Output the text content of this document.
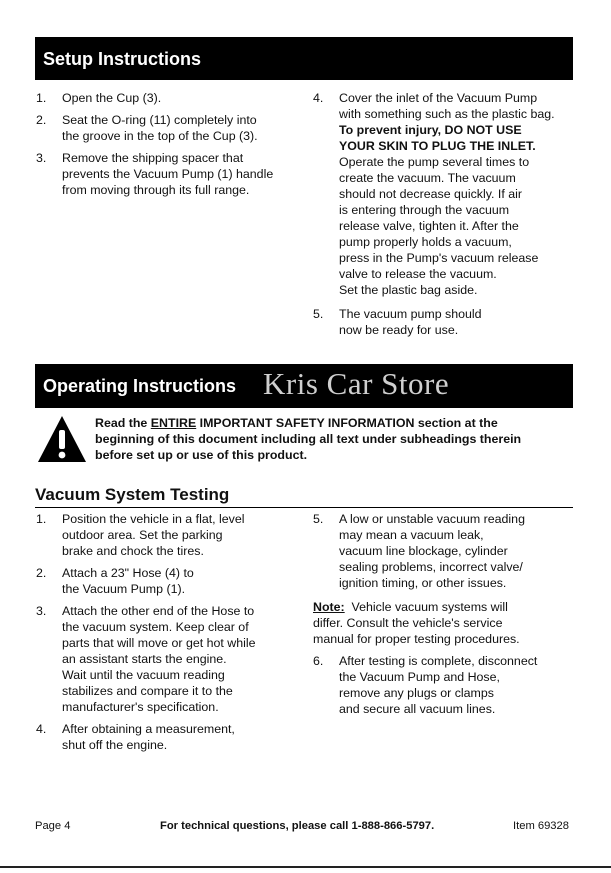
Setup Instructions
1. Open the Cup (3).
2. Seat the O-ring (11) completely into
the groove in the top of the Cup (3).
3. Remove the shipping spacer that
prevents the Vacuum Pump (1) handle
from moving through its full range.
4. Cover the inlet of the Vacuum Pump
with something such as the plastic bag.
To prevent injury, DO NOT USE
YOUR SKIN TO PLUG THE INLET.
Operate the pump several times to
create the vacuum. The vacuum
should not decrease quickly. If air
is entering through the vacuum
release valve, tighten it. After the
pump properly holds a vacuum,
press in the Pump's vacuum release
valve to release the vacuum.
Set the plastic bag aside.
5. The vacuum pump should
now be ready for use.
Operating Instructions Kris Car Store
Read the ENTIRE IMPORTANT SAFETY INFORMATION section at the
beginning of this document including all text under subheadings therein
before set up or use of this product.
Vacuum System Testing
1. Position the vehicle in a flat, level
outdoor area. Set the parking
brake and chock the tires.
2. Attach a 23" Hose (4) to
the Vacuum Pump (1).
3. Attach the other end of the Hose to
the vacuum system. Keep clear of
parts that will move or get hot while
an assistant starts the engine.
Wait until the vacuum reading
stabilizes and compare it to the
manufacturer's specification.
4. After obtaining a measurement,
shut off the engine.
5. A low or unstable vacuum reading
may mean a vacuum leak,
vacuum line blockage, cylinder
sealing problems, incorrect valve/
ignition timing, or other issues.
Note:  Vehicle vacuum systems will
differ. Consult the vehicle's service
manual for proper testing procedures.
6. After testing is complete, disconnect
the Vacuum Pump and Hose,
remove any plugs or clamps
and secure all vacuum lines.
Page 4	For technical questions, please call 1-888-866-5797.	Item 69328
